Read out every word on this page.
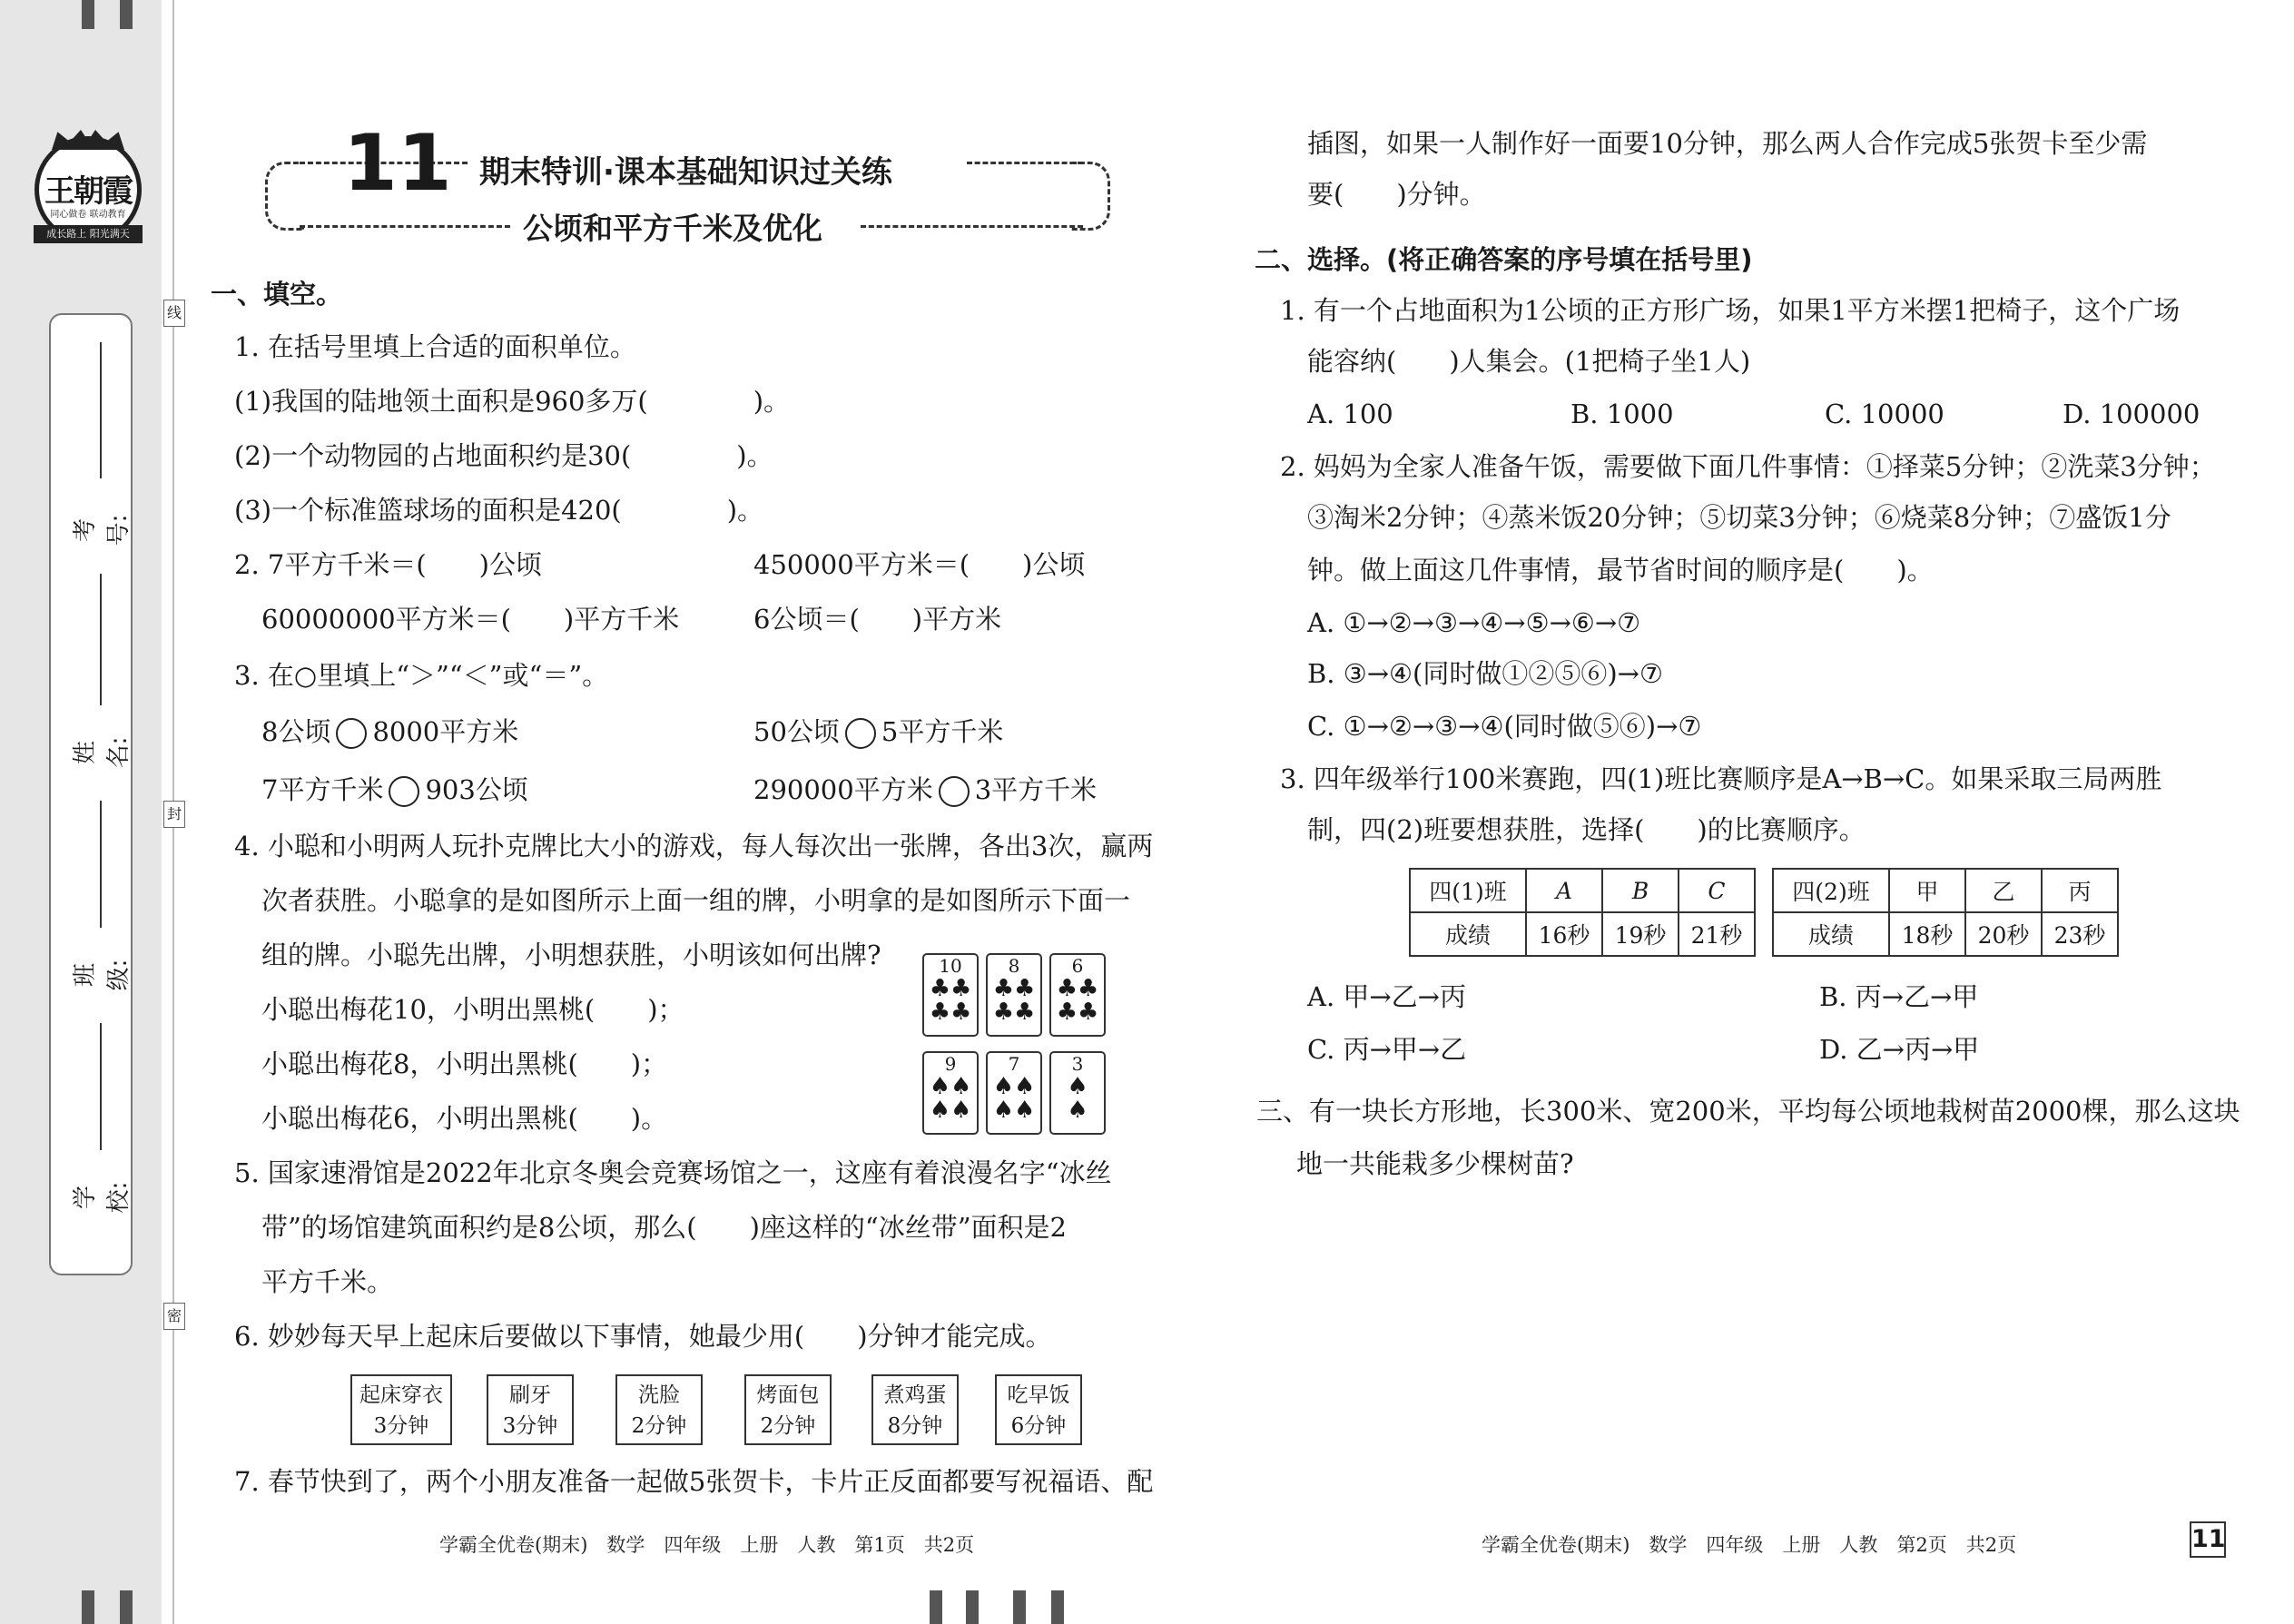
王朝霞
同心做卷 联动教育
成长路上 阳光满天
考号:
姓名:
班级:
学校:
线
封
密
11 期末特训·课本基础知识过关练
公顷和平方千米及优化
一、填空。
1. 在括号里填上合适的面积单位。
(1)我国的陆地领土面积是960多万(　　　　)。
(2)一个动物园的占地面积约是30(　　　　)。
(3)一个标准篮球场的面积是420(　　　　)。
2. 7平方千米＝(　　)公顷	450000平方米＝(　　)公顷
60000000平方米＝(　　)平方千米	6公顷＝(　　)平方米
3. 在○里填上“＞”“＜”或“＝”。
8公顷 8000平方米	50公顷 5平方千米
7平方千米 903公顷	290000平方米 3平方千米
4. 小聪和小明两人玩扑克牌比大小的游戏，每人每次出一张牌，各出3次，赢两
次者获胜。小聪拿的是如图所示上面一组的牌，小明拿的是如图所示下面一
组的牌。小聪先出牌，小明想获胜，小明该如何出牌?
小聪出梅花10，小明出黑桃(　　)；
小聪出梅花8，小明出黑桃(　　)；
小聪出梅花6，小明出黑桃(　　)。
10
♣♣
♣♣
8
♣♣
♣♣
6
♣♣
♣♣
9
♠♠
♠♠
7
♠♠
♠♠
3
♠
♠
5. 国家速滑馆是2022年北京冬奥会竞赛场馆之一，这座有着浪漫名字“冰丝
带”的场馆建筑面积约是8公顷，那么(　　)座这样的“冰丝带”面积是2
平方千米。
6. 妙妙每天早上起床后要做以下事情，她最少用(　　)分钟才能完成。
起床穿衣
3分钟
刷牙
3分钟
洗脸
2分钟
烤面包
2分钟
煮鸡蛋
8分钟
吃早饭
6分钟
7. 春节快到了，两个小朋友准备一起做5张贺卡，卡片正反面都要写祝福语、配
插图，如果一人制作好一面要10分钟，那么两人合作完成5张贺卡至少需
要(　　)分钟。
二、选择。(将正确答案的序号填在括号里)
1. 有一个占地面积为1公顷的正方形广场，如果1平方米摆1把椅子，这个广场
能容纳(　　)人集会。(1把椅子坐1人)
A. 100	B. 1000	C. 10000	D. 100000
2. 妈妈为全家人准备午饭，需要做下面几件事情：①择菜5分钟；②洗菜3分钟；
③淘米2分钟；④蒸米饭20分钟；⑤切菜3分钟；⑥烧菜8分钟；⑦盛饭1分
钟。做上面这几件事情，最节省时间的顺序是(　　)。
A. ①→②→③→④→⑤→⑥→⑦
B. ③→④(同时做①②⑤⑥)→⑦
C. ①→②→③→④(同时做⑤⑥)→⑦
3. 四年级举行100米赛跑，四(1)班比赛顺序是A→B→C。如果采取三局两胜
制，四(2)班要想获胜，选择(　　)的比赛顺序。
四(1)班	A	B	C
成绩	16秒	19秒	21秒
四(2)班	甲	乙	丙
成绩	18秒	20秒	23秒
A. 甲→乙→丙	B. 丙→乙→甲
C. 丙→甲→乙	D. 乙→丙→甲
三、有一块长方形地，长300米、宽200米，平均每公顷地栽树苗2000棵，那么这块
地一共能栽多少棵树苗?
学霸全优卷(期末)　数学　四年级　上册　人教　第1页　共2页	学霸全优卷(期末)　数学　四年级　上册　人教　第2页　共2页	11
